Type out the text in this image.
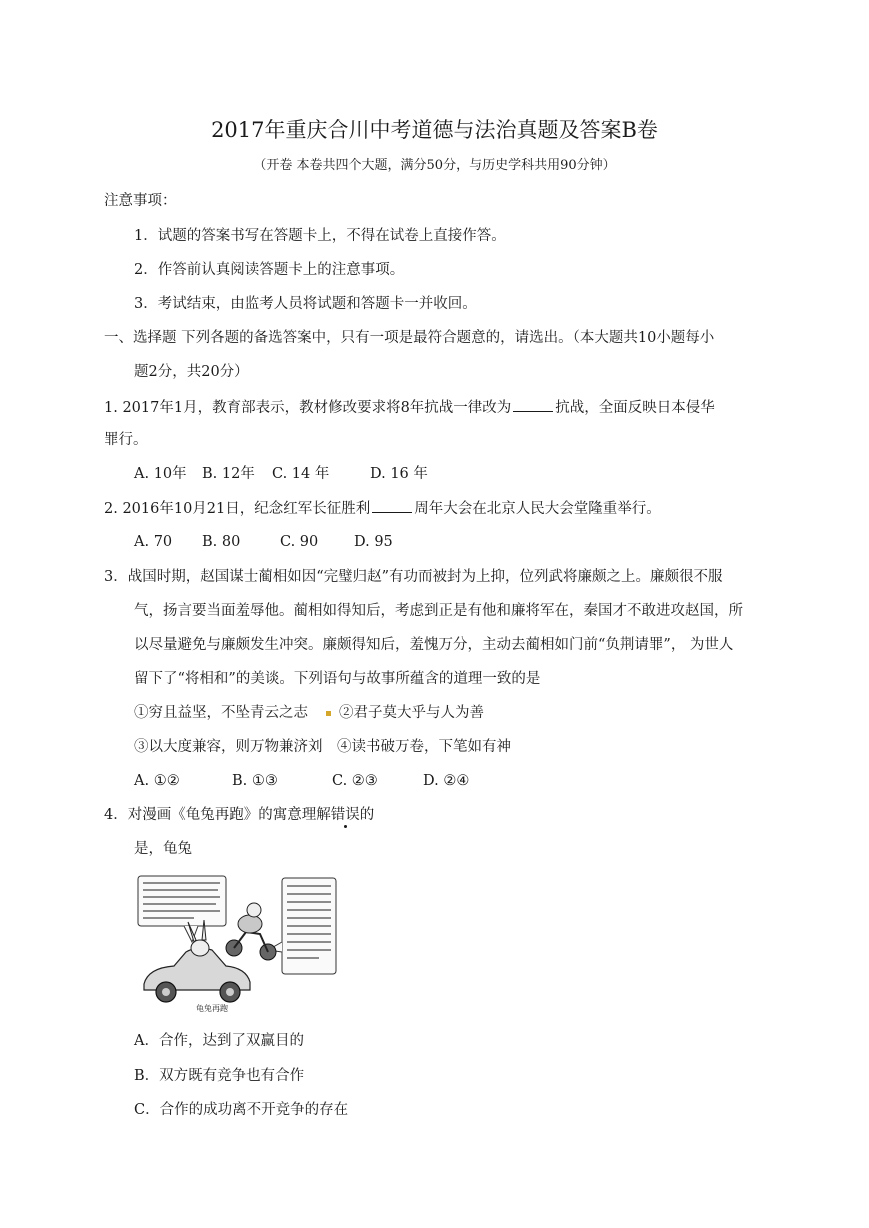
2017年重庆合川中考道德与法治真题及答案B卷
（开卷 本卷共四个大题，满分50分，与历史学科共用90分钟）
注意事项：
1．试题的答案书写在答题卡上，不得在试卷上直接作答。
2．作答前认真阅读答题卡上的注意事项。
3．考试结束，由监考人员将试题和答题卡一并收回。
一、选择题 下列各题的备选答案中，只有一项是最符合题意的，请选出。（本大题共10小题每小
题2分，共20分）
1. 2017年1月，教育部表示，教材修改要求将8年抗战一律改为	抗战，全面反映日本侵华
罪行。
A. 10年 B. 12年 C. 14 年	D. 16 年
2. 2016年10月21日，纪念红军长征胜利	周年大会在北京人民大会堂隆重举行。
A. 70 B. 80	C. 90 D. 95
3．战国时期，赵国谋士蔺相如因“完璧归赵”有功而被封为上抑，位列武将廉颇之上。廉颇很不服
气，扬言要当面羞辱他。蔺相如得知后，考虑到正是有他和廉将军在，秦国才不敢进攻赵国，所
以尽量避免与廉颇发生冲突。廉颇得知后，羞愧万分，主动去蔺相如门前“负荆请罪”， 为世人
留下了“将相和”的美谈。下列语句与故事所蕴含的道理一致的是
①穷且益坚，不坠青云之志 ②君子莫大乎与人为善
③以大度兼容，则万物兼济刘　 ④读书破万卷，下笔如有神
A. ①②	B. ①③	C. ②③	D. ②④
4．对漫画《龟兔再跑》的寓意理解错误的
是，龟兔
龟兔再跑
A．合作，达到了双赢目的
B．双方既有竞争也有合作
C．合作的成功离不开竞争的存在
